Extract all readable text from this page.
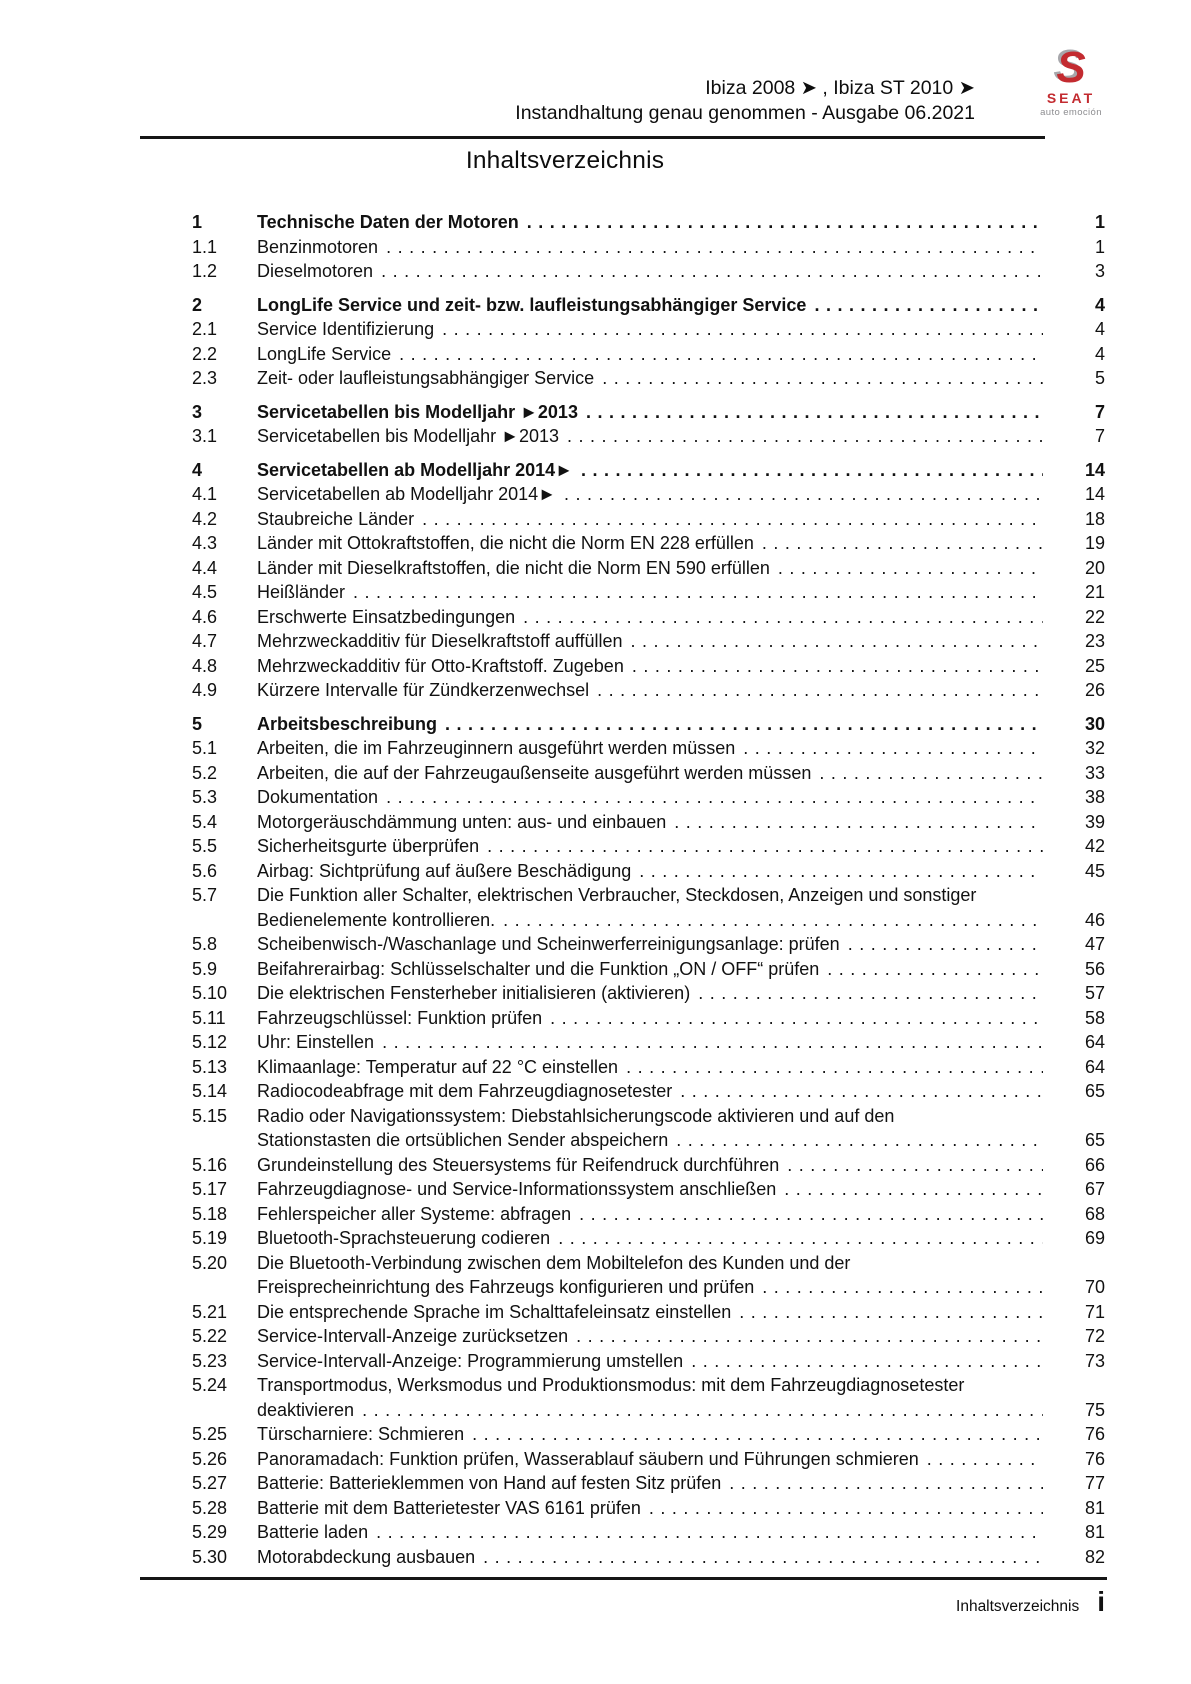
Ibiza 2008 ➤ , Ibiza ST 2010 ➤
Instandhaltung genau genommen - Ausgabe 06.2021
S
SEAT
auto emoción
Inhaltsverzeichnis
1	Technische Daten der Motoren .....	1
1.1	Benzinmotoren .....	1
1.2	Dieselmotoren .....	3
2	LongLife Service und zeit- bzw. laufleistungsabhängiger Service .....	4
2.1	Service Identifizierung .....	4
2.2	LongLife Service .....	4
2.3	Zeit- oder laufleistungsabhängiger Service .....	5
3	Servicetabellen bis Modelljahr ►2013 .....	7
3.1	Servicetabellen bis Modelljahr ►2013 .....	7
4	Servicetabellen ab Modelljahr 2014► .....	14
4.1	Servicetabellen ab Modelljahr 2014► .....	14
4.2	Staubreiche Länder .....	18
4.3	Länder mit Ottokraftstoffen, die nicht die Norm EN 228 erfüllen .....	19
4.4	Länder mit Dieselkraftstoffen, die nicht die Norm EN 590 erfüllen .....	20
4.5	Heißländer .....	21
4.6	Erschwerte Einsatzbedingungen .....	22
4.7	Mehrzweckadditiv für Dieselkraftstoff auffüllen .....	23
4.8	Mehrzweckadditiv für Otto-Kraftstoff. Zugeben .....	25
4.9	Kürzere Intervalle für Zündkerzenwechsel .....	26
5	Arbeitsbeschreibung .....	30
5.1	Arbeiten, die im Fahrzeuginnern ausgeführt werden müssen .....	32
5.2	Arbeiten, die auf der Fahrzeugaußenseite ausgeführt werden müssen .....	33
5.3	Dokumentation .....	38
5.4	Motorgeräuschdämmung unten: aus- und einbauen .....	39
5.5	Sicherheitsgurte überprüfen .....	42
5.6	Airbag: Sichtprüfung auf äußere Beschädigung .....	45
5.7	Die Funktion aller Schalter, elektrischen Verbraucher, Steckdosen, Anzeigen und sonstiger
Bedienelemente kontrollieren. .....	46
5.8	Scheibenwisch-/Waschanlage und Scheinwerferreinigungsanlage: prüfen .....	47
5.9	Beifahrerairbag: Schlüsselschalter und die Funktion „ON / OFF“ prüfen .....	56
5.10	Die elektrischen Fensterheber initialisieren (aktivieren) .....	57
5.11	Fahrzeugschlüssel: Funktion prüfen .....	58
5.12	Uhr: Einstellen .....	64
5.13	Klimaanlage: Temperatur auf 22 °C einstellen .....	64
5.14	Radiocodeabfrage mit dem Fahrzeugdiagnosetester .....	65
5.15	Radio oder Navigationssystem: Diebstahlsicherungscode aktivieren und auf den
Stationstasten die ortsüblichen Sender abspeichern .....	65
5.16	Grundeinstellung des Steuersystems für Reifendruck durchführen .....	66
5.17	Fahrzeugdiagnose- und Service-Informationssystem anschließen .....	67
5.18	Fehlerspeicher aller Systeme: abfragen .....	68
5.19	Bluetooth-Sprachsteuerung codieren .....	69
5.20	Die Bluetooth-Verbindung zwischen dem Mobiltelefon des Kunden und der
Freisprecheinrichtung des Fahrzeugs konfigurieren und prüfen .....	70
5.21	Die entsprechende Sprache im Schalttafeleinsatz einstellen .....	71
5.22	Service-Intervall-Anzeige zurücksetzen .....	72
5.23	Service-Intervall-Anzeige: Programmierung umstellen .....	73
5.24	Transportmodus, Werksmodus und Produktionsmodus: mit dem Fahrzeugdiagnosetester
deaktivieren .....	75
5.25	Türscharniere: Schmieren .....	76
5.26	Panoramadach: Funktion prüfen, Wasserablauf säubern und Führungen schmieren .....	76
5.27	Batterie: Batterieklemmen von Hand auf festen Sitz prüfen .....	77
5.28	Batterie mit dem Batterietester VAS 6161 prüfen .....	81
5.29	Batterie laden .....	81
5.30	Motorabdeckung ausbauen .....	82
Inhaltsverzeichnis i
